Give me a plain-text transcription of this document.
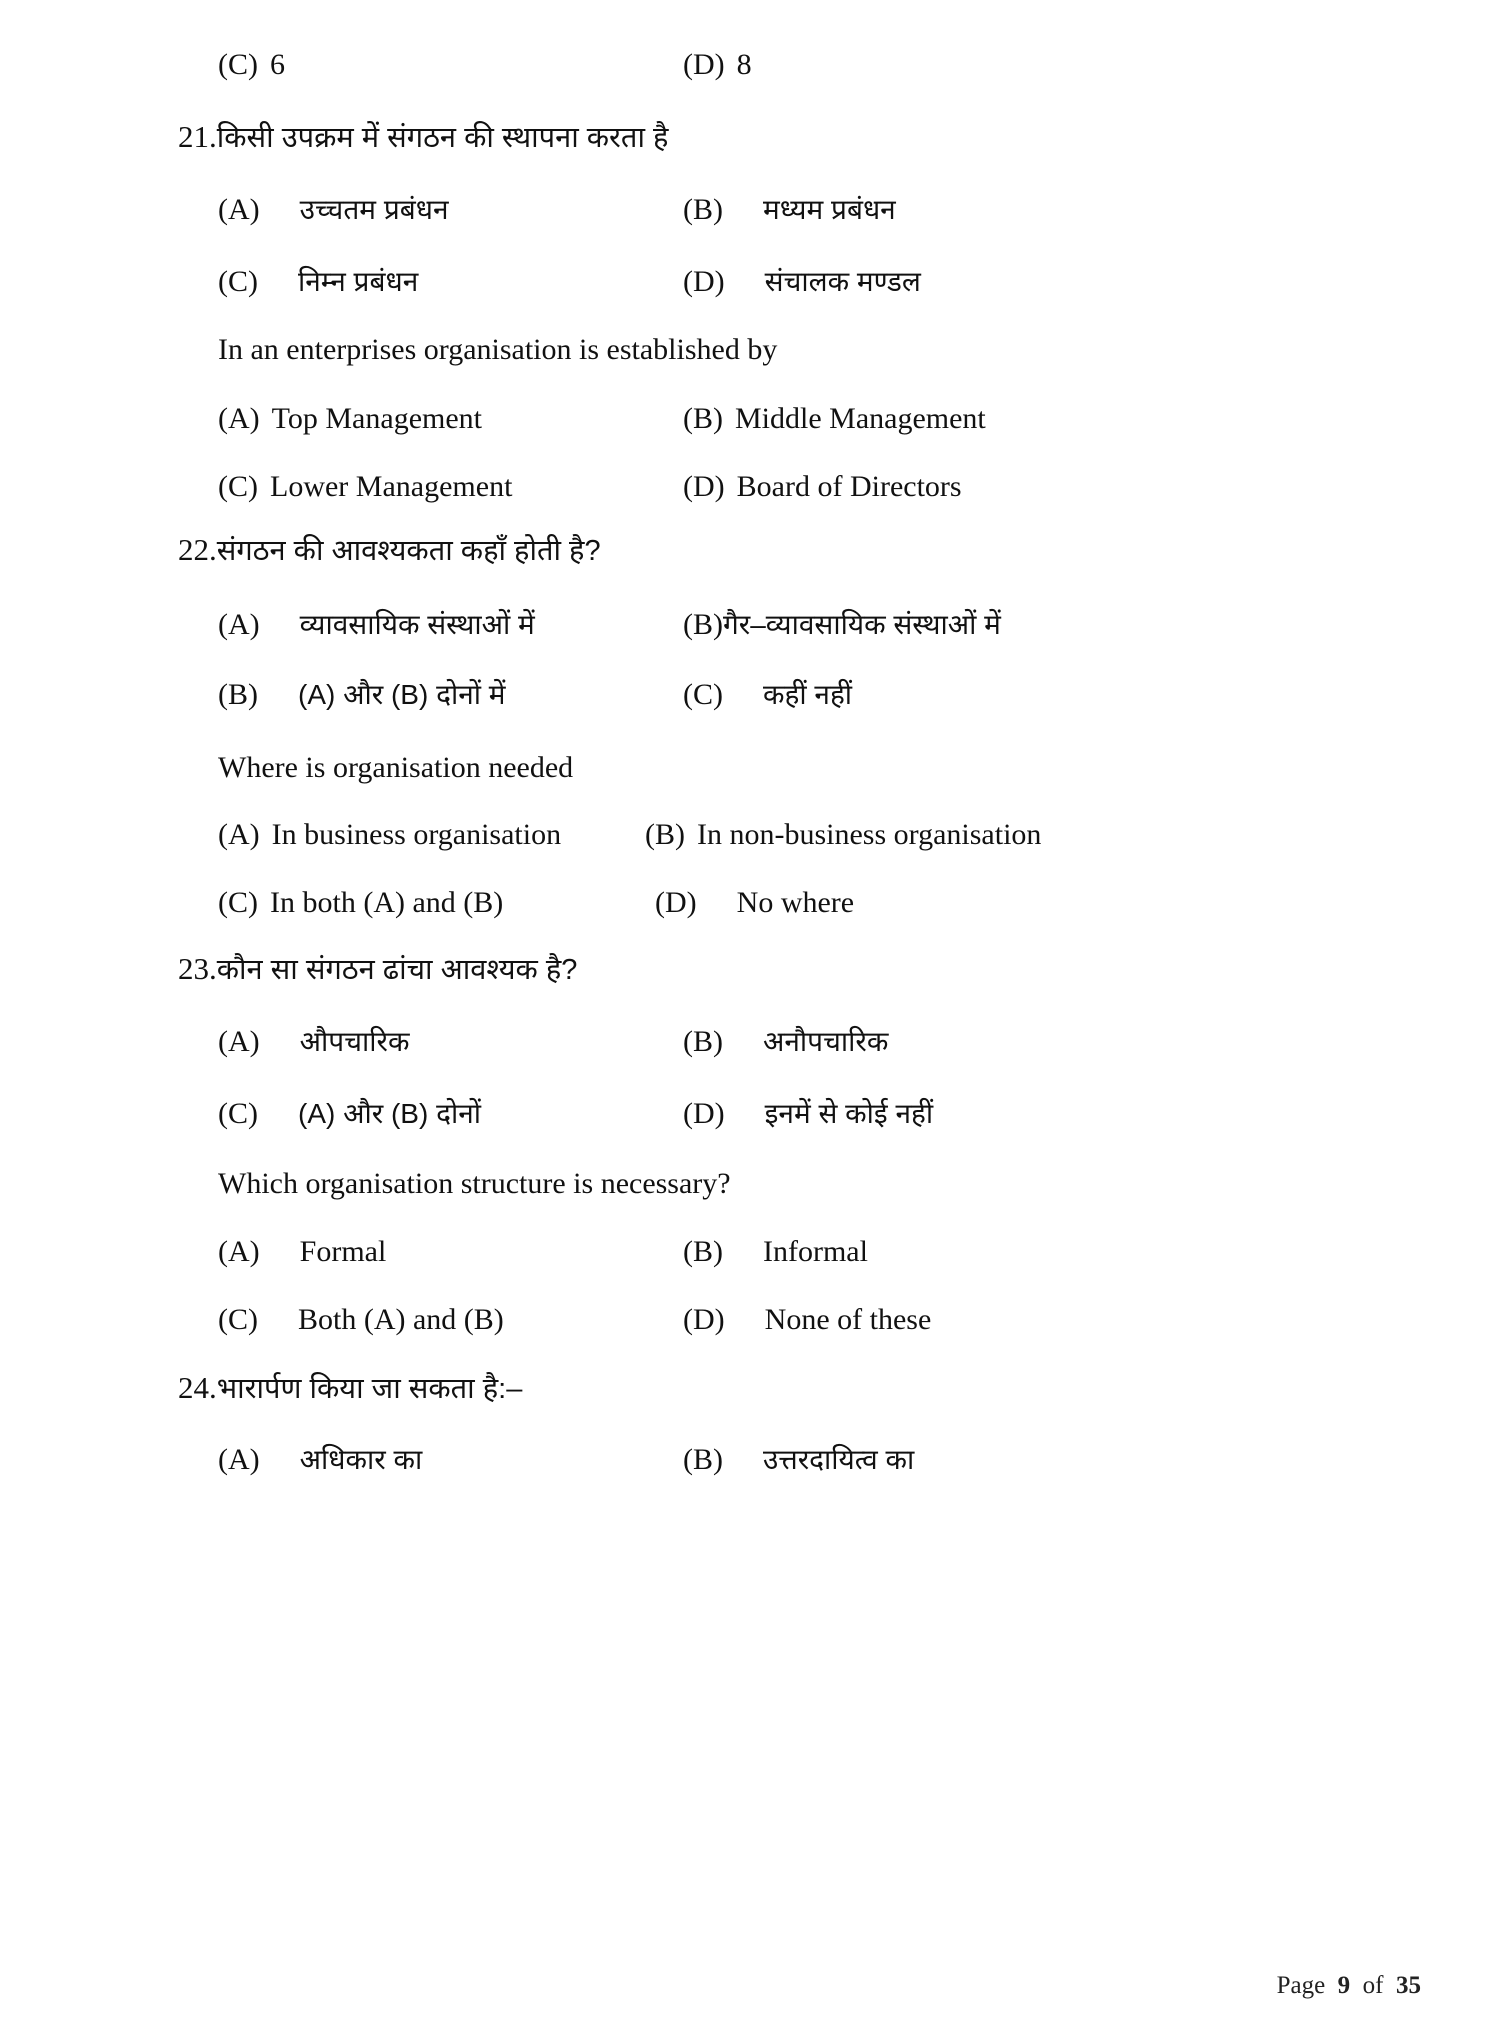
(C) 6	(D) 8
21. किसी उपक्रम में संगठन की स्थापना करता है
(A) उच्चतम प्रबंधन	(B) मध्यम प्रबंधन
(C) निम्न प्रबंधन	(D) संचालक मण्डल
In an enterprises organisation is established by
(A) Top Management	(B) Middle Management
(C) Lower Management	(D) Board of Directors
22. संगठन की आवश्यकता कहाँ होती है?
(A) व्यावसायिक संस्थाओं में	(B) गैर–व्यावसायिक संस्थाओं में
(B) (A) और (B) दोनों में	(C) कहीं नहीं
Where is organisation needed
(A) In business organisation	(B) In non-business organisation
(C) In both (A) and (B)	(D) No where
23. कौन सा संगठन ढांचा आवश्यक है?
(A) औपचारिक	(B) अनौपचारिक
(C) (A) और (B) दोनों	(D) इनमें से कोई नहीं
Which organisation structure is necessary?
(A) Formal	(B) Informal
(C) Both (A) and (B)	(D) None of these
24. भारार्पण किया जा सकता है:–
(A) अधिकार का	(B) उत्तरदायित्व का
Page 9 of 35
